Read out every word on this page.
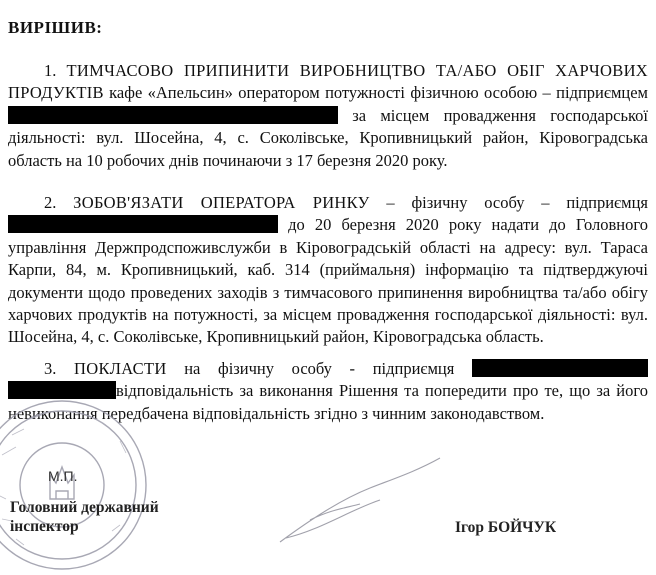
ВИРІШИВ:
1. ТИМЧАСОВО ПРИПИНИТИ ВИРОБНИЦТВО ТА/АБО ОБІГ ХАРЧОВИХ ПРОДУКТІВ кафе «Апельсин» оператором потужності фізичною особою – підприємцем  за місцем провадження господарської діяльності: вул. Шосейна, 4, с. Соколівське, Кропивницький район, Кіровоградська область на 10 робочих днів починаючи з 17 березня 2020 року.
2. ЗОБОВ'ЯЗАТИ ОПЕРАТОРА РИНКУ – фізичну особу – підприємця  до 20 березня 2020 року надати до Головного управління Держпродспоживслужби в Кіровоградській області на адресу: вул. Тараса Карпи, 84, м. Кропивницький, каб. 314 (приймальня) інформацію та підтверджуючі документи щодо проведених заходів з тимчасового припинення виробництва та/або обігу харчових продуктів на потужності, за місцем провадження господарської діяльності: вул. Шосейна, 4, с. Соколівське, Кропивницький район, Кіровоградська область.
3. ПОКЛАСТИ на фізичну особу - підприємця  відповідальність за виконання Рішення та попередити про те, що за його невиконання передбачена відповідальність згідно з чинним законодавством.
М.П.
Головний державний
інспектор	Ігор БОЙЧУК
